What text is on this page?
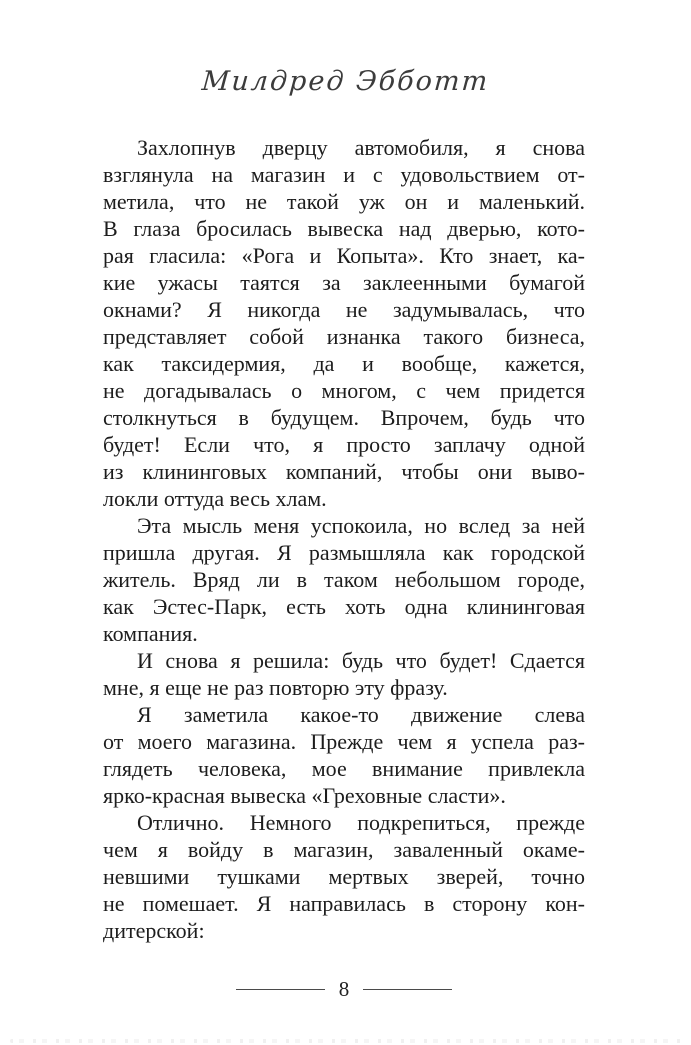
Милдред Эбботт
Захлопнув дверцу автомобиля, я снова
взглянула на магазин и с удовольствием от-
метила, что не такой уж он и маленький.
В глаза бросилась вывеска над дверью, кото-
рая гласила: «Рога и Копыта». Кто знает, ка-
кие ужасы таятся за заклеенными бумагой
окнами? Я никогда не задумывалась, что
представляет собой изнанка такого бизнеса,
как таксидермия, да и вообще, кажется,
не догадывалась о многом, с чем придется
столкнуться в будущем. Впрочем, будь что
будет! Если что, я просто заплачу одной
из клининговых компаний, чтобы они выво-
локли оттуда весь хлам.
Эта мысль меня успокоила, но вслед за ней
пришла другая. Я размышляла как городской
житель. Вряд ли в таком небольшом городе,
как Эстес-Парк, есть хоть одна клининговая
компания.
И снова я решила: будь что будет! Сдается
мне, я еще не раз повторю эту фразу.
Я заметила какое-то движение слева
от моего магазина. Прежде чем я успела раз-
глядеть человека, мое внимание привлекла
ярко-красная вывеска «Греховные сласти».
Отлично. Немного подкрепиться, прежде
чем я войду в магазин, заваленный окаме-
невшими тушками мертвых зверей, точно
не помешает. Я направилась в сторону кон-
дитерской:
8
